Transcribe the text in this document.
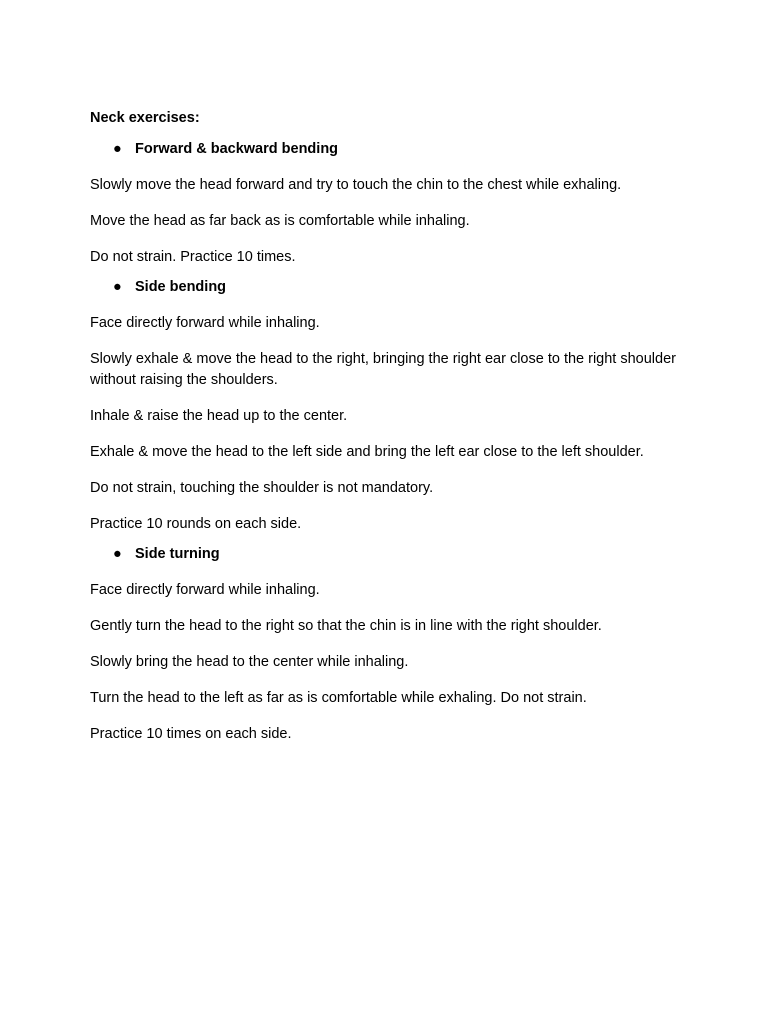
Neck exercises:
● Forward & backward bending
Slowly move the head forward and try to touch the chin to the chest while exhaling.
Move the head as far back as is comfortable while inhaling.
Do not strain. Practice 10 times.
● Side bending
Face directly forward while inhaling.
Slowly exhale & move the head to the right, bringing the right ear close to the right shoulder without raising the shoulders.
Inhale & raise the head up to the center.
Exhale & move the head to the left side and bring the left ear close to the left shoulder.
Do not strain, touching the shoulder is not mandatory.
Practice 10 rounds on each side.
● Side turning
Face directly forward while inhaling.
Gently turn the head to the right so that the chin is in line with the right shoulder.
Slowly bring the head to the center while inhaling.
Turn the head to the left as far as is comfortable while exhaling. Do not strain.
Practice 10 times on each side.
